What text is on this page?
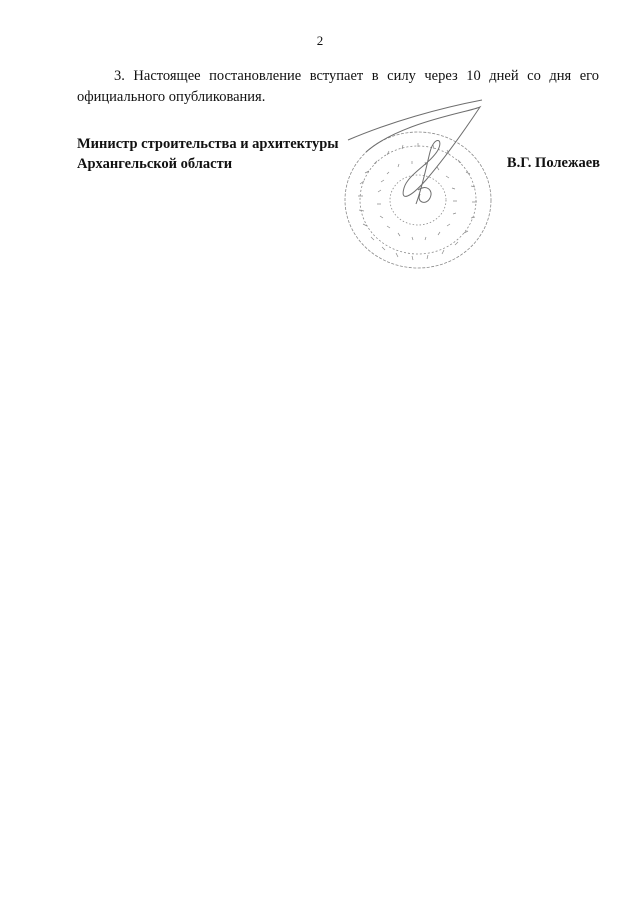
2
3. Настоящее постановление вступает в силу через 10 дней со дня его официального опубликования.
Министр строительства и архитектуры
Архангельской области	В.Г. Полежаев
